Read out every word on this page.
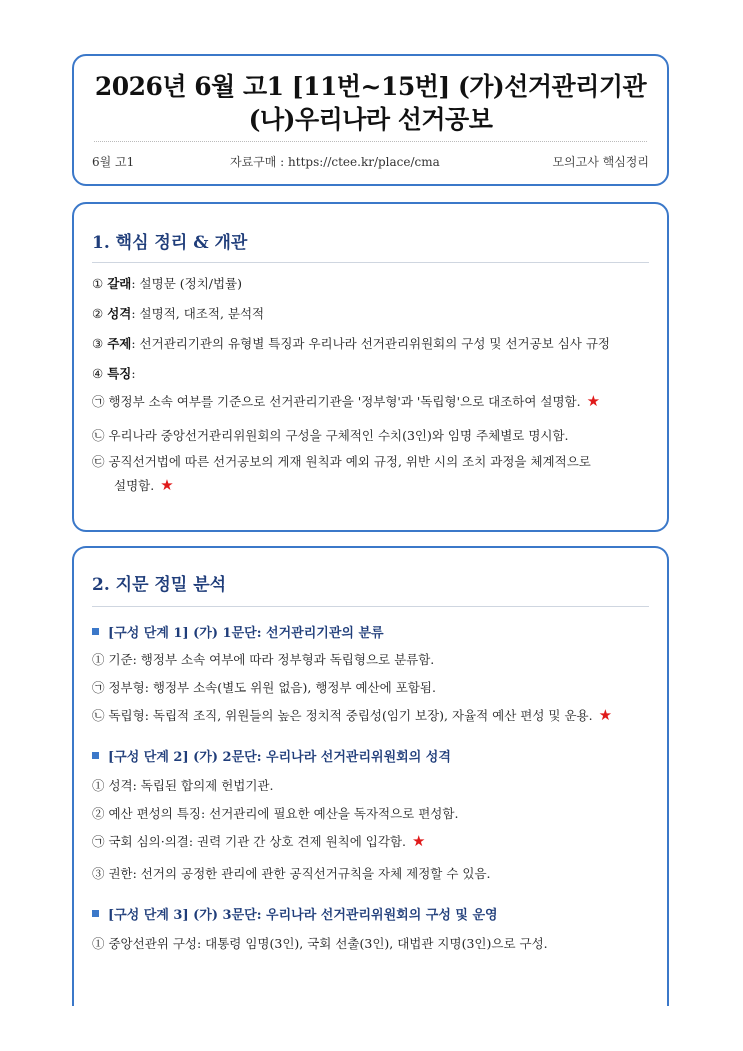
2026년 6월 고1 [11번~15번] (가)선거관리기관
(나)우리나라 선거공보
6월 고1	자료구매 : https://ctee.kr/place/cma	모의고사 핵심정리
1. 핵심 정리 & 개관
① 갈래: 설명문 (정치/법률)
② 성격: 설명적, 대조적, 분석적
③ 주제: 선거관리기관의 유형별 특징과 우리나라 선거관리위원회의 구성 및 선거공보 심사 규정
④ 특징:
㉠ 행정부 소속 여부를 기준으로 선거관리기관을 '정부형'과 '독립형'으로 대조하여 설명함. ★
㉡ 우리나라 중앙선거관리위원회의 구성을 구체적인 수치(3인)와 임명 주체별로 명시함.
㉢ 공직선거법에 따른 선거공보의 게재 원칙과 예외 규정, 위반 시의 조치 과정을 체계적으로
설명함. ★
2. 지문 정밀 분석
[구성 단계 1] (가) 1문단: 선거관리기관의 분류
① 기준: 행정부 소속 여부에 따라 정부형과 독립형으로 분류함.
㉠ 정부형: 행정부 소속(별도 위원 없음), 행정부 예산에 포함됨.
㉡ 독립형: 독립적 조직, 위원들의 높은 정치적 중립성(임기 보장), 자율적 예산 편성 및 운용. ★
[구성 단계 2] (가) 2문단: 우리나라 선거관리위원회의 성격
① 성격: 독립된 합의제 헌법기관.
② 예산 편성의 특징: 선거관리에 필요한 예산을 독자적으로 편성함.
㉠ 국회 심의·의결: 권력 기관 간 상호 견제 원칙에 입각함. ★
③ 권한: 선거의 공정한 관리에 관한 공직선거규칙을 자체 제정할 수 있음.
[구성 단계 3] (가) 3문단: 우리나라 선거관리위원회의 구성 및 운영
① 중앙선관위 구성: 대통령 임명(3인), 국회 선출(3인), 대법관 지명(3인)으로 구성.
